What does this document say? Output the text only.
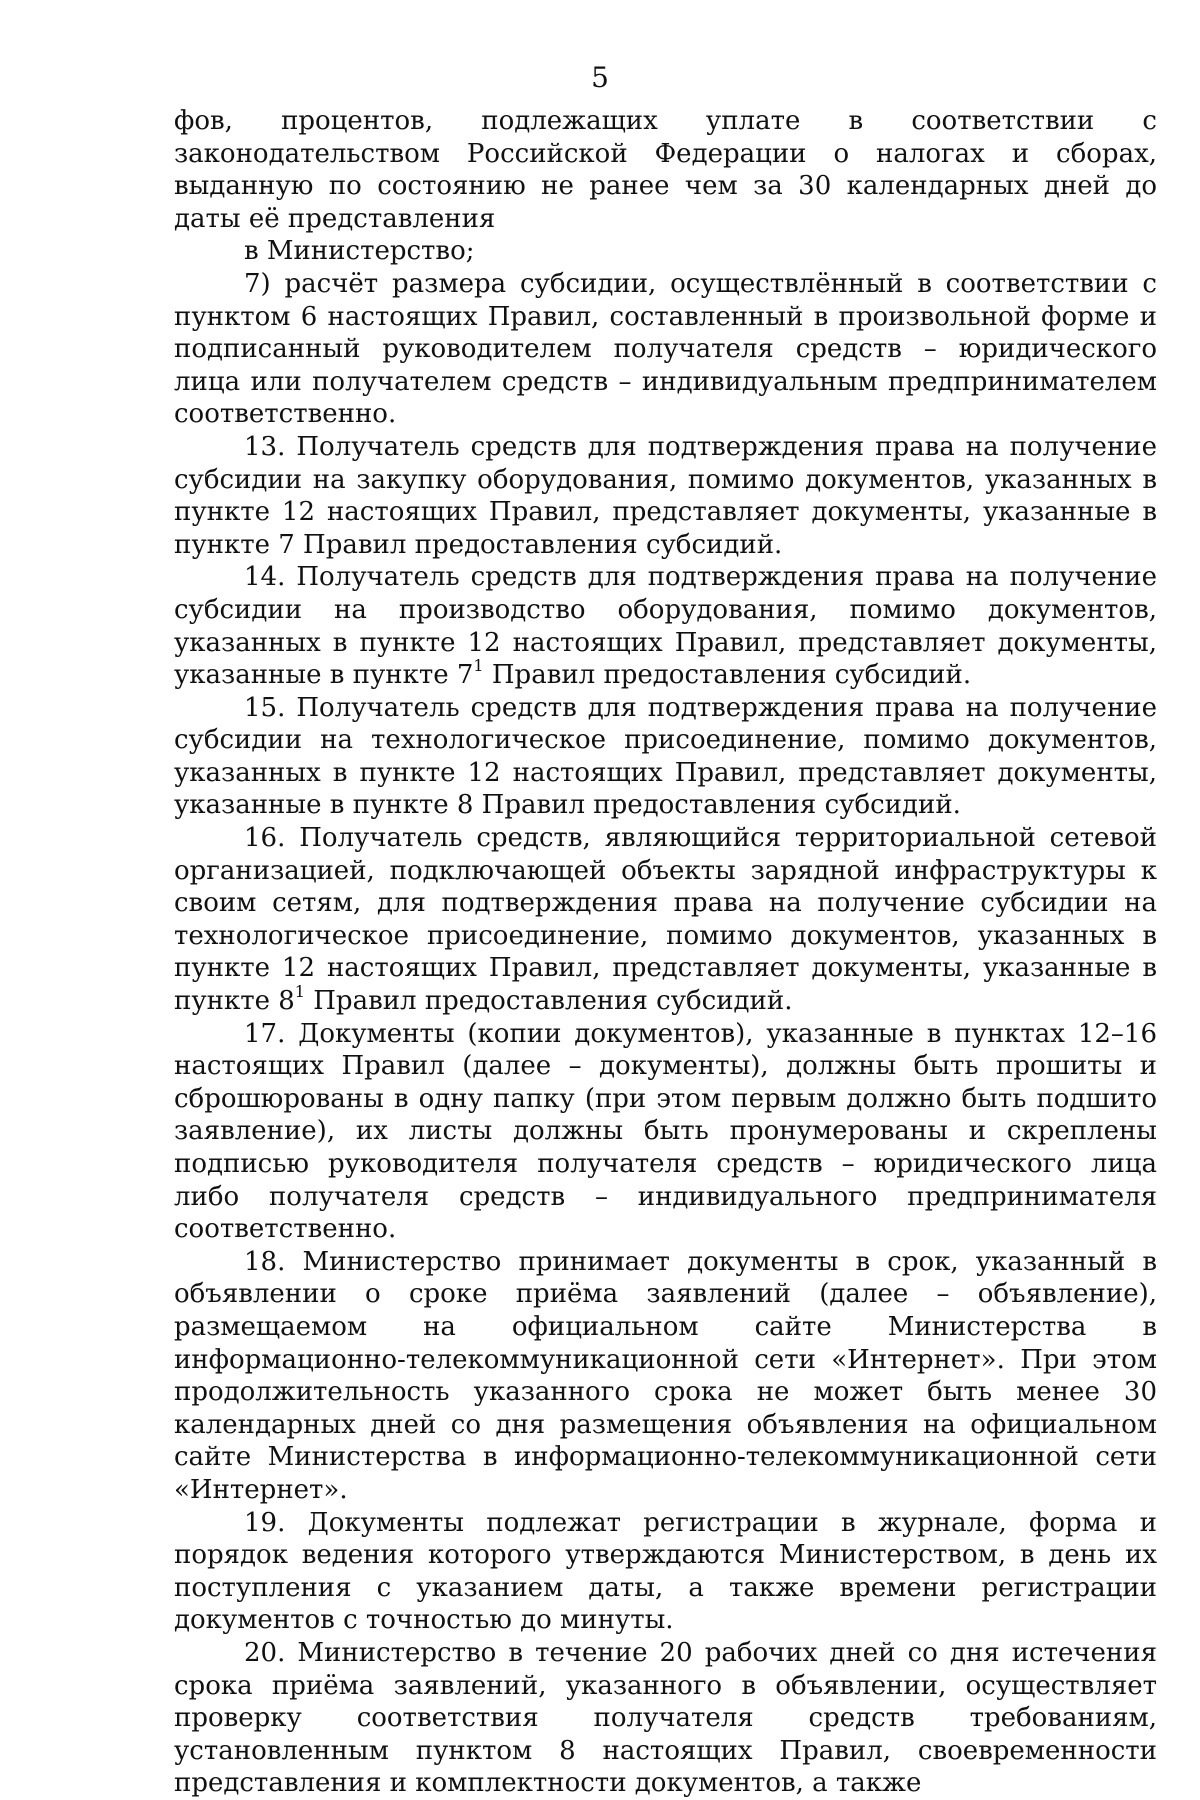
5

фов, процентов, подлежащих уплате в соответствии с законодательством Российской Федерации о налогах и сборах, выданную по состоянию не ранее чем за 30 календарных дней до даты её представления

в Министерство;

7) расчёт размера субсидии, осуществлённый в соответствии с пунктом 6 настоящих Правил, составленный в произвольной форме и подписанный руководителем получателя средств – юридического лица или получателем средств – индивидуальным предпринимателем соответственно.

13. Получатель средств для подтверждения права на получение субсидии на закупку оборудования, помимо документов, указанных в пункте 12 настоящих Правил, представляет документы, указанные в пункте 7 Правил предоставления субсидий.

14. Получатель средств для подтверждения права на получение субсидии на производство оборудования, помимо документов, указанных в пункте 12 настоящих Правил, представляет документы, указанные в пункте $7^1$ Правил предоставления субсидий.

15. Получатель средств для подтверждения права на получение субсидии на технологическое присоединение, помимо документов, указанных в пункте 12 настоящих Правил, представляет документы, указанные в пункте 8 Правил предоставления субсидий.

16. Получатель средств, являющийся территориальной сетевой организацией, подключающей объекты зарядной инфраструктуры к своим сетям, для подтверждения права на получение субсидии на технологическое присоединение, помимо документов, указанных в пункте 12 настоящих Правил, представляет документы, указанные в пункте $8^1$ Правил предоставления субсидий.

17. Документы (копии документов), указанные в пунктах 12–16 настоящих Правил (далее – документы), должны быть прошиты и сброшюрованы в одну папку (при этом первым должно быть подшито заявление), их листы должны быть пронумерованы и скреплены подписью руководителя получателя средств – юридического лица либо получателя средств – индивидуального предпринимателя соответственно.

18. Министерство принимает документы в срок, указанный в объявлении о сроке приёма заявлений (далее – объявление), размещаемом на официальном сайте Министерства в информационно-телекоммуникационной сети «Интернет». При этом продолжительность указанного срока не может быть менее 30 календарных дней со дня размещения объявления на официальном сайте Министерства в информационно-телекоммуникационной сети «Интернет».

19. Документы подлежат регистрации в журнале, форма и порядок ведения которого утверждаются Министерством, в день их поступления с указанием даты, а также времени регистрации документов с точностью до минуты.

20. Министерство в течение 20 рабочих дней со дня истечения срока приёма заявлений, указанного в объявлении, осуществляет проверку соответствия получателя средств требованиям, установленным пунктом 8 настоящих Правил, своевременности представления и комплектности документов, а также
